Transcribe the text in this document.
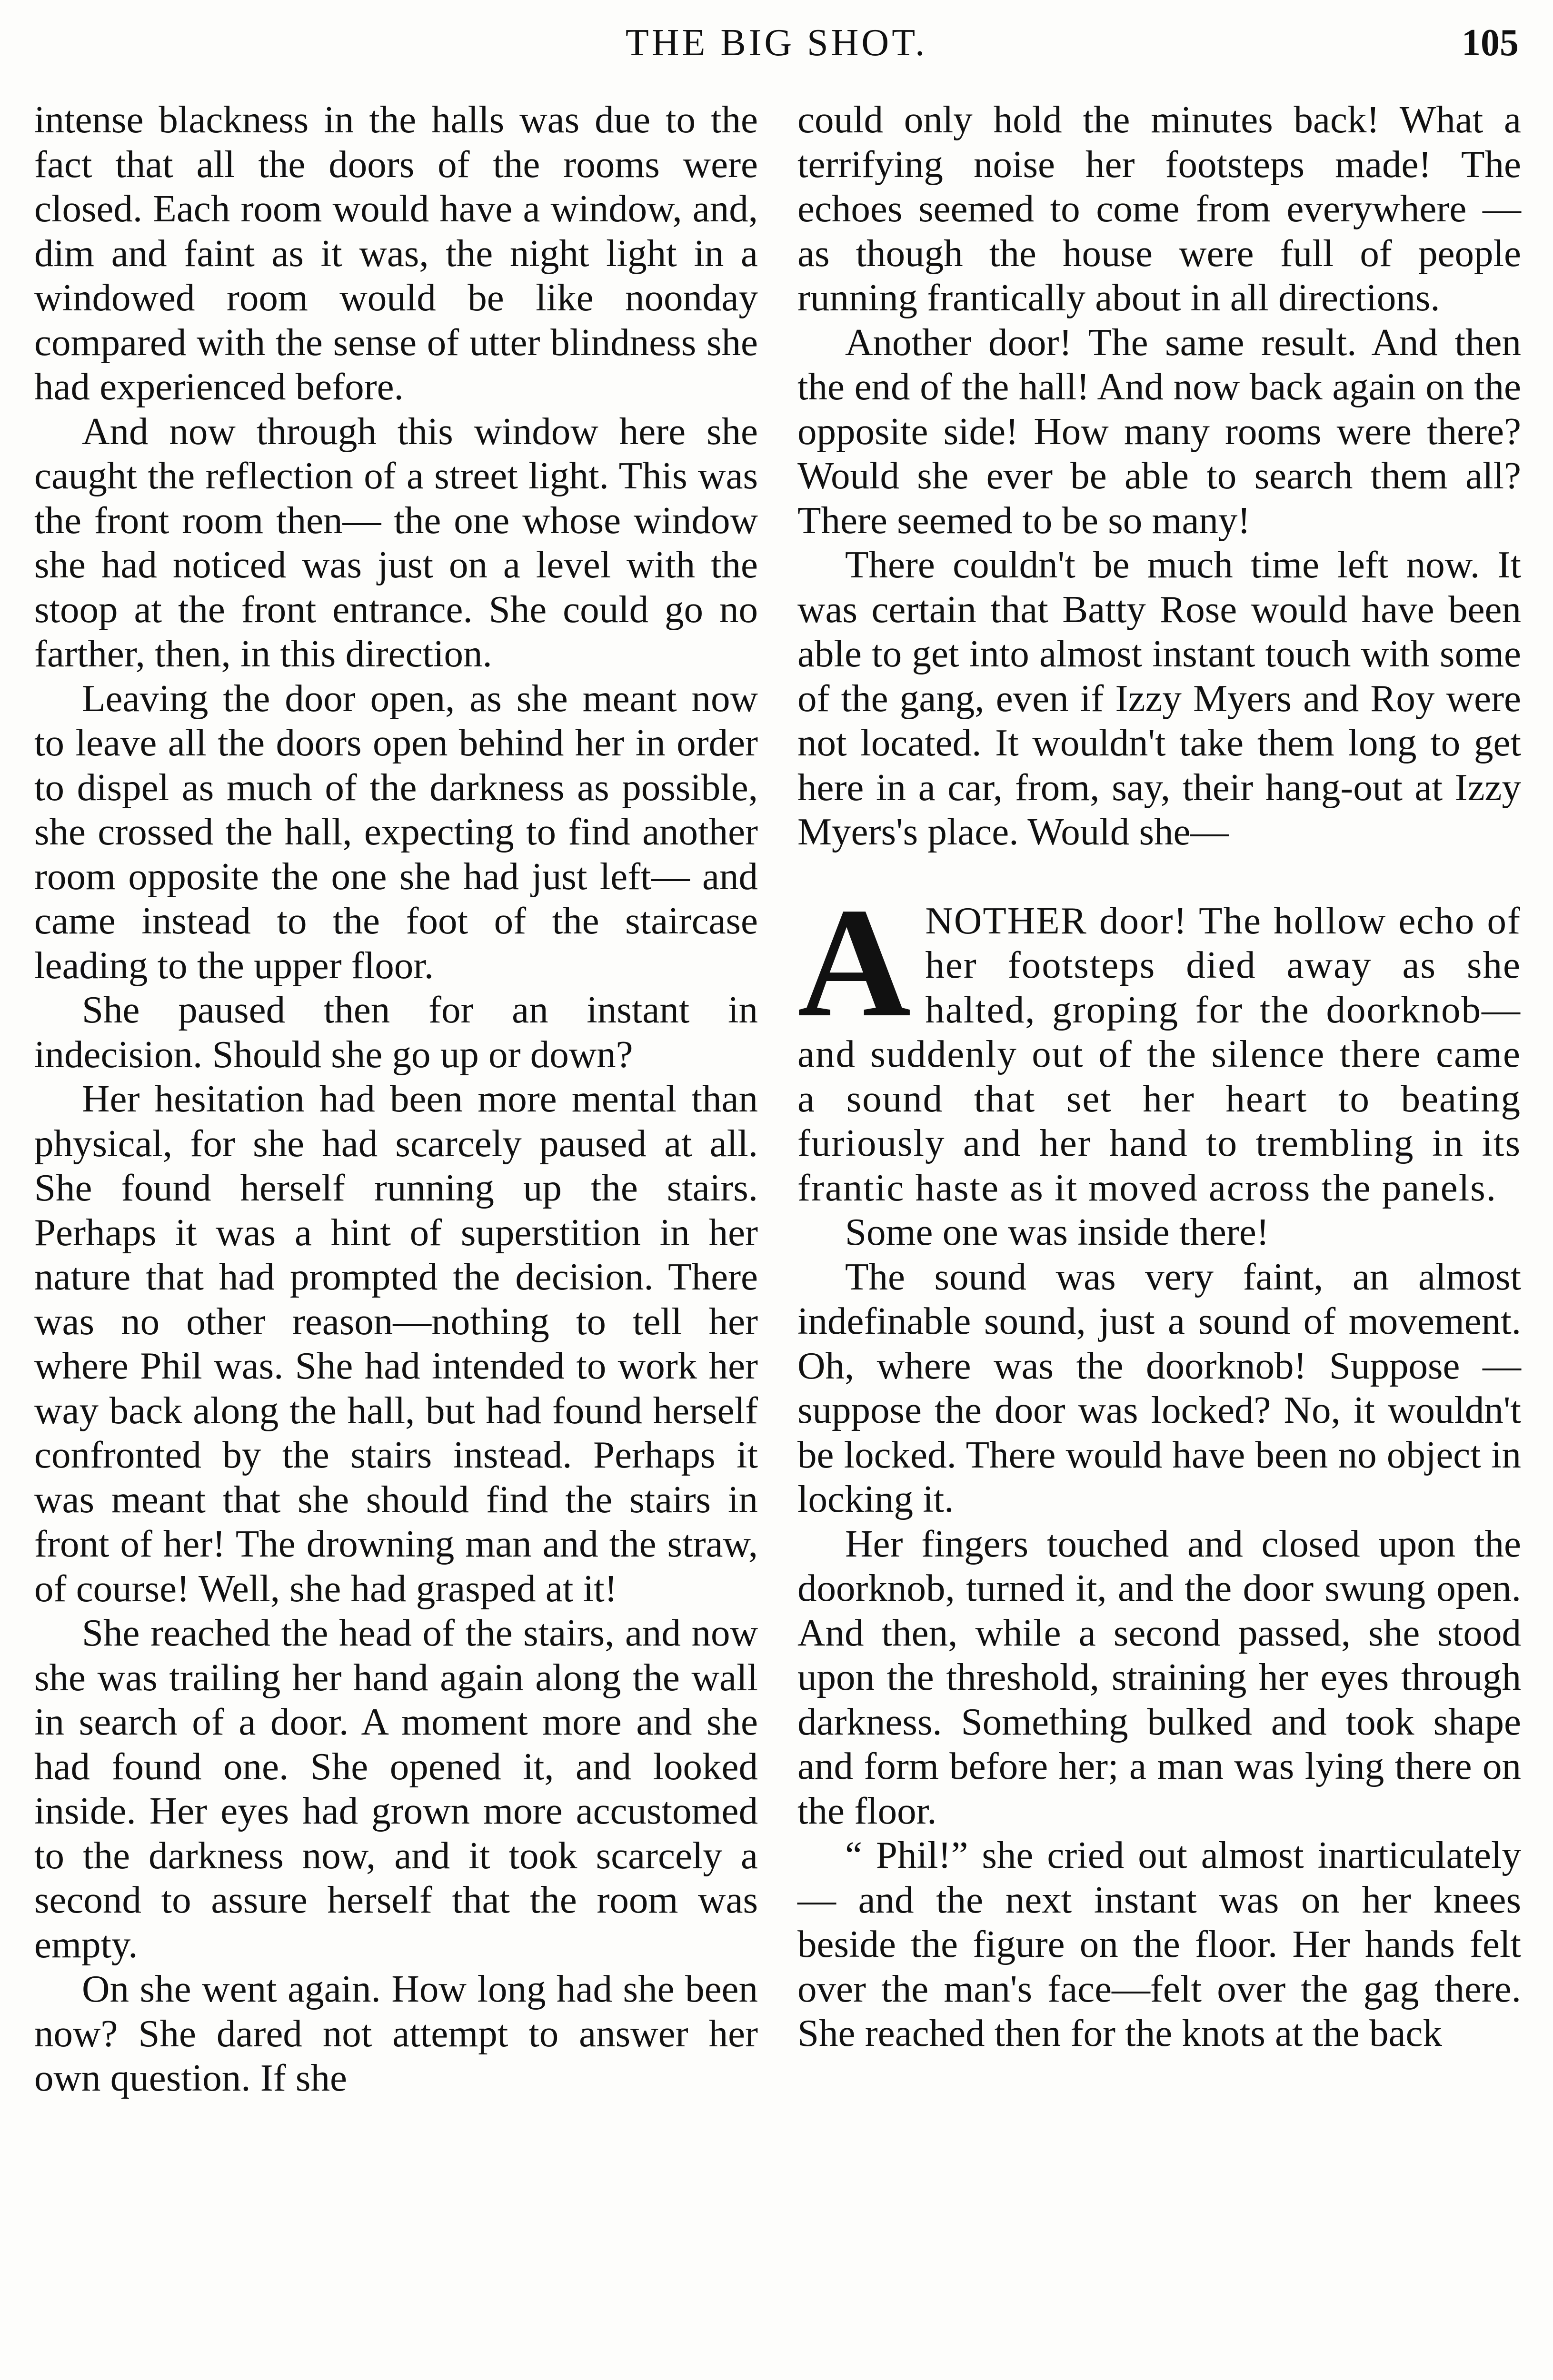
THE BIG SHOT.	105

intense blackness in the halls was due to the fact that all the doors of the rooms were closed. Each room would have a window, and, dim and faint as it was, the night light in a windowed room would be like noonday compared with the sense of utter blindness she had experienced before.

And now through this window here she caught the reflection of a street light. This was the front room then— the one whose window she had noticed was just on a level with the stoop at the front entrance. She could go no farther, then, in this direction.

Leaving the door open, as she meant now to leave all the doors open behind her in order to dispel as much of the darkness as possible, she crossed the hall, expecting to find another room opposite the one she had just left— and came instead to the foot of the staircase leading to the upper floor.

She paused then for an instant in indecision. Should she go up or down?

Her hesitation had been more mental than physical, for she had scarcely paused at all. She found herself running up the stairs. Perhaps it was a hint of superstition in her nature that had prompted the decision. There was no other reason—nothing to tell her where Phil was. She had intended to work her way back along the hall, but had found herself confronted by the stairs instead. Perhaps it was meant that she should find the stairs in front of her! The drowning man and the straw, of course! Well, she had grasped at it!

She reached the head of the stairs, and now she was trailing her hand again along the wall in search of a door. A moment more and she had found one. She opened it, and looked inside. Her eyes had grown more accustomed to the darkness now, and it took scarcely a second to assure herself that the room was empty.

On she went again. How long had she been now? She dared not attempt to answer her own question. If she

could only hold the minutes back! What a terrifying noise her footsteps made! The echoes seemed to come from everywhere — as though the house were full of people running frantically about in all directions.

Another door! The same result. And then the end of the hall! And now back again on the opposite side! How many rooms were there? Would she ever be able to search them all? There seemed to be so many!

There couldn't be much time left now. It was certain that Batty Rose would have been able to get into almost instant touch with some of the gang, even if Izzy Myers and Roy were not located. It wouldn't take them long to get here in a car, from, say, their hang-out at Izzy Myers's place. Would she—

ANOTHER door! The hollow echo of her footsteps died away as she halted, groping for the doorknob—and suddenly out of the silence there came a sound that set her heart to beating furiously and her hand to trembling in its frantic haste as it moved across the panels.

Some one was inside there!

The sound was very faint, an almost indefinable sound, just a sound of movement. Oh, where was the doorknob! Suppose — suppose the door was locked? No, it wouldn't be locked. There would have been no object in locking it.

Her fingers touched and closed upon the doorknob, turned it, and the door swung open. And then, while a second passed, she stood upon the threshold, straining her eyes through darkness. Something bulked and took shape and form before her; a man was lying there on the floor.

“ Phil!” she cried out almost inarticulately — and the next instant was on her knees beside the figure on the floor. Her hands felt over the man's face—felt over the gag there. She reached then for the knots at the back
